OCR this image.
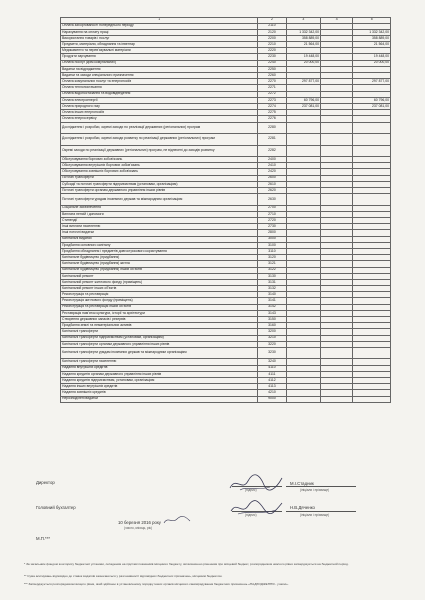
1	2	3	4	5
Оплата заборгованості попереднього періоду	2110			
Нарахування на оплату праці	2120	1 332 342,00		1 332 342,00
Використання товарів і послуг	2200	358 889,00		358 889,00
Предмети, матеріали, обладнання та інвентар	2210	21 564,00		21 564,00
Медикаменти та перев'язувальні матеріали	2220			
Продукти харчування	2230	19 448,00		19 448,00
Оплата послуг (крім комунальних)	2240	20 000,00		20 000,00
Видатки на відрядження	2250			
Видатки та заходи спеціального призначення	2260			
Оплата комунальних послуг та енергоносіїв	2270	297 877,00		297 877,00
Оплата теплопостачання	2271			
Оплата водопостачання та водовідведення	2272			
Оплата електроенергії	2273	60 796,00		60 796,00
Оплата природного газу	2274	237 081,00		237 081,00
Оплата інших енергоносіїв	2275			
Оплата енергосервісу	2276			
Дослідження і розробки, окремі заходи по реалізації державних (регіональних) програм	2280			
Дослідження і розробки, окремі заходи розвитку по реалізації державних (регіональних) програм	2281			
Окремі заходи по реалізації державних (регіональних) програм, не віднесені до заходів розвитку	2282			
Обслуговування боргових зобов'язань	2400			
Обслуговування внутрішніх боргових зобов'язань	2410			
Обслуговування зовнішніх боргових зобов'язань	2420			
Поточні трансферти	2600			
Субсидії та поточні трансферти підприємствам (установам, організаціям)	2610			
Поточні трансферти органам державного управління інших рівнів	2620			
Поточні трансферти урядам іноземних держав та міжнародним організаціям	2630			
Соціальне забезпечення	2700			
Виплата пенсій і допомоги	2710			
Стипендії	2720			
Інші виплати населенню	2730			
Інші поточні видатки	2800			
Капітальні видатки	3000			
Придбання основного капіталу	3100			
Придбання обладнання і предметів довгострокового користування	3110			
Капітальне будівництво (придбання)	3120			
Капітальне будівництво (придбання) житла	3121			
Капітальне будівництво (придбання) інших об'єктів	3122			
Капітальний ремонт	3130			
Капітальний ремонт житлового фонду (приміщень)	3131			
Капітальний ремонт інших об'єктів	3132			
Реконструкція та реставрація	3140			
Реконструкція житлового фонду (приміщень)	3141			
Реконструкція та реставрація інших об'єктів	3142			
Реставрація пам'яток культури, історії та архітектури	3143			
Створення державних запасів і резервів	3150			
Придбання землі та нематеріальних активів	3160			
Капітальні трансферти	3200			
Капітальні трансферти підприємствам (установам, організаціям)	3210			
Капітальні трансферти органам державного управління інших рівнів	3220			
Капітальні трансферти урядам іноземних держав та міжнародним організаціям	3230			
Капітальні трансферти населенню	3240			
Надання внутрішніх кредитів	4110			
Надання кредитів органам державного управління інших рівнів	4111			
Надання кредитів підприємствам, установам, організаціям	4112			
Надання інших внутрішніх кредитів	4113			
Надання зовнішніх кредитів	4210			
Нерозподілені видатки	9000			
Директор	М.І.Стадник
(підпис)	(ініціали і прізвище)
Головний бухгалтер	Н.В.Дяченко
(підпис)	(ініціали і прізвище)
10 березня 2016 року
(число, місяць, рік)
М.П.***
* За загальним фондом кошторису бюджетної установи, складеним на підставі показників місцевого бюджету, які визначено рішенням про місцевий бюджет, розпорядником нижчого рівня затверджується на бюджетний період.
** Сума асигнувань відповідно до ставок видатків зазначаються у разі наявності відповідних бюджетних призначень, місцевим бюджетом.
*** Затверджується розпорядником вищого рівня, який здійснює в установленому порядку інших органів місцевого самоврядування бюджетних призначень «НАДХОДЖЕННЯ - учасні».
